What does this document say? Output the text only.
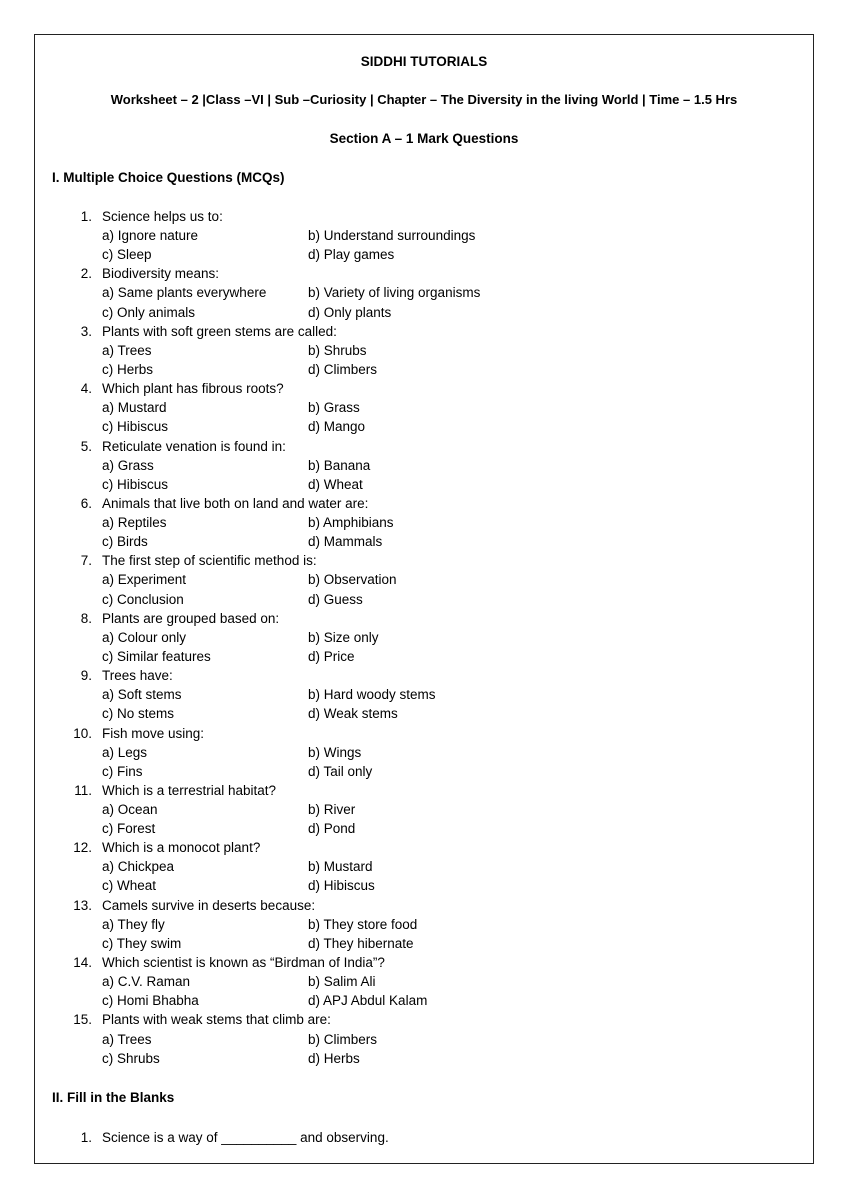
SIDDHI TUTORIALS
Worksheet – 2 |Class –VI | Sub –Curiosity | Chapter – The Diversity in the living World | Time – 1.5 Hrs
Section A – 1 Mark Questions
I. Multiple Choice Questions (MCQs)
1. Science helps us to:
a) Ignore nature	b) Understand surroundings
c) Sleep	d) Play games
2. Biodiversity means:
a) Same plants everywhere	b) Variety of living organisms
c) Only animals	d) Only plants
3. Plants with soft green stems are called:
a) Trees	b) Shrubs
c) Herbs	d) Climbers
4. Which plant has fibrous roots?
a) Mustard	b) Grass
c) Hibiscus	d) Mango
5. Reticulate venation is found in:
a) Grass	b) Banana
c) Hibiscus	d) Wheat
6. Animals that live both on land and water are:
a) Reptiles	b) Amphibians
c) Birds	d) Mammals
7. The first step of scientific method is:
a) Experiment	b) Observation
c) Conclusion	d) Guess
8. Plants are grouped based on:
a) Colour only	b) Size only
c) Similar features	d) Price
9. Trees have:
a) Soft stems	b) Hard woody stems
c) No stems	d) Weak stems
10. Fish move using:
a) Legs	b) Wings
c) Fins	d) Tail only
11. Which is a terrestrial habitat?
a) Ocean	b) River
c) Forest	d) Pond
12. Which is a monocot plant?
a) Chickpea	b) Mustard
c) Wheat	d) Hibiscus
13. Camels survive in deserts because:
a) They fly	b) They store food
c) They swim	d) They hibernate
14. Which scientist is known as “Birdman of India”?
a) C.V. Raman	b) Salim Ali
c) Homi Bhabha	d) APJ Abdul Kalam
15. Plants with weak stems that climb are:
a) Trees	b) Climbers
c) Shrubs	d) Herbs
II. Fill in the Blanks
1. Science is a way of __________ and observing.
